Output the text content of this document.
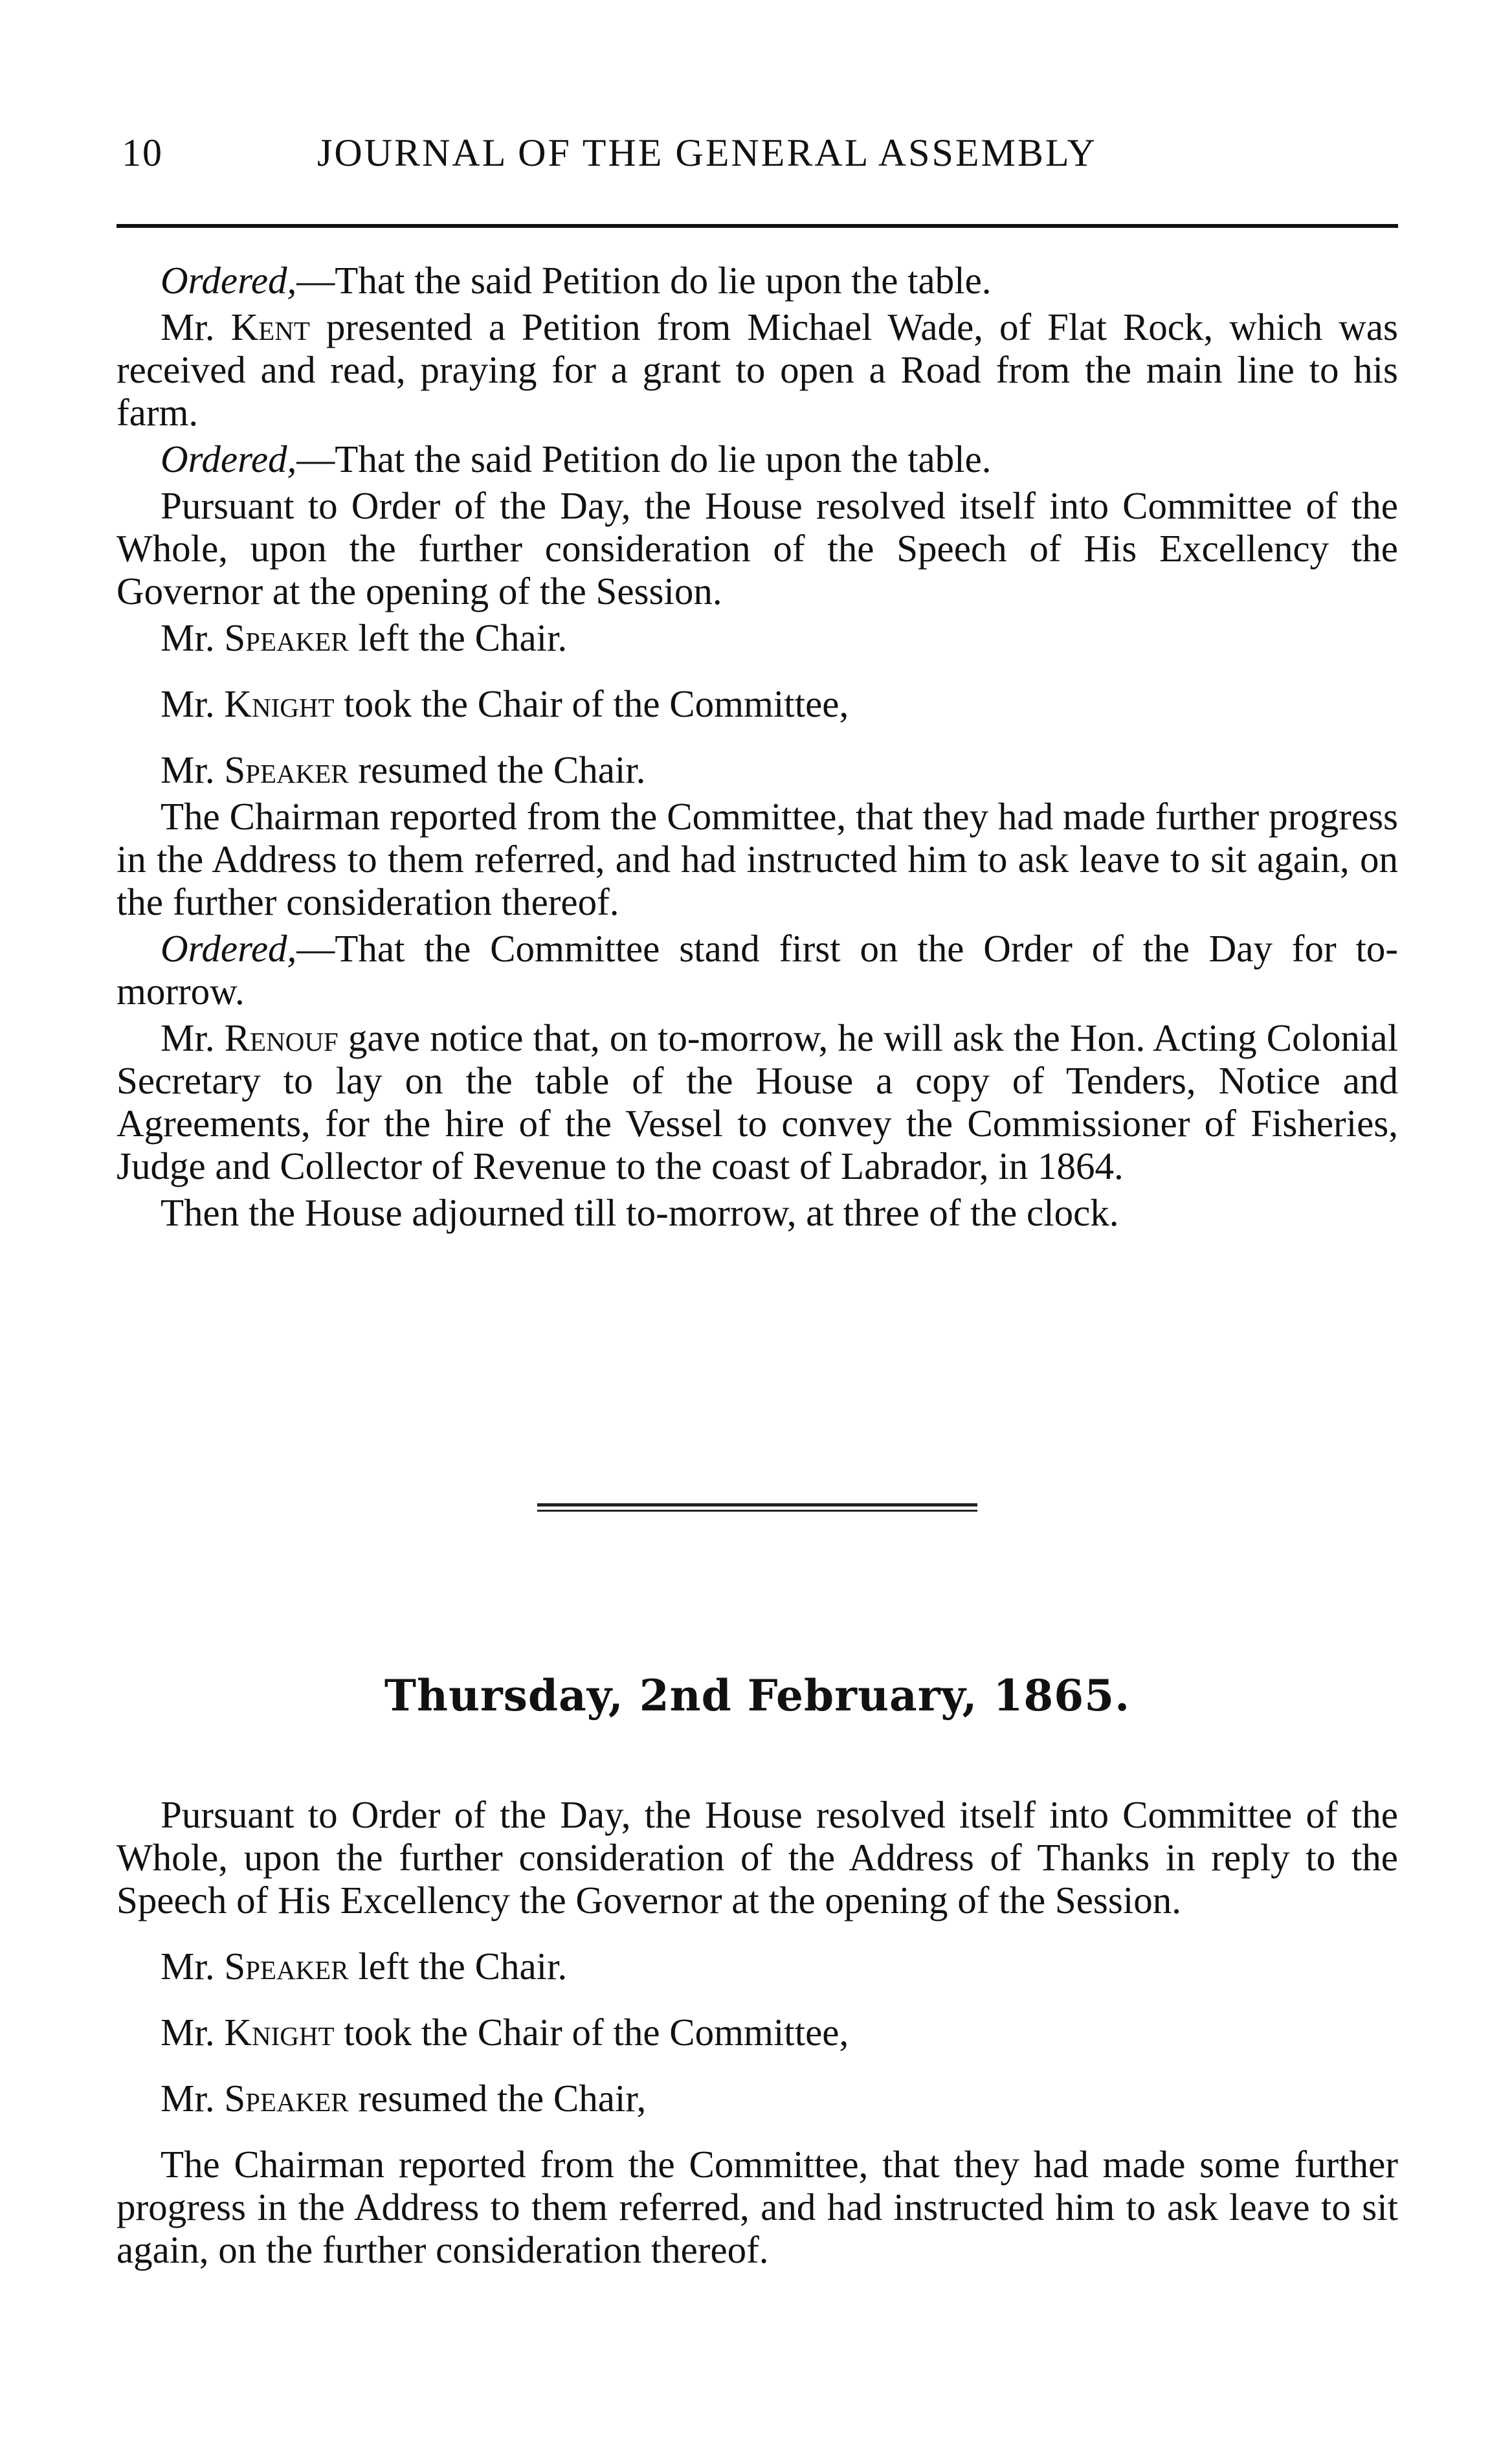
10	JOURNAL OF THE GENERAL ASSEMBLY

Ordered,—That the said Petition do lie upon the table.

Mr. Kent presented a Petition from Michael Wade, of Flat Rock, which was received and read, praying for a grant to open a Road from the main line to his farm.

Ordered,—That the said Petition do lie upon the table.

Pursuant to Order of the Day, the House resolved itself into Committee of the Whole, upon the further consideration of the Speech of His Excellency the Governor at the opening of the Session.

Mr. Speaker left the Chair.

Mr. Knight took the Chair of the Committee,

Mr. Speaker resumed the Chair.

The Chairman reported from the Committee, that they had made further progress in the Address to them referred, and had instructed him to ask leave to sit again, on the further consideration thereof.

Ordered,—That the Committee stand first on the Order of the Day for to-morrow.

Mr. Renouf gave notice that, on to-morrow, he will ask the Hon. Acting Colonial Secretary to lay on the table of the House a copy of Tenders, Notice and Agreements, for the hire of the Vessel to convey the Commissioner of Fisheries, Judge and Collector of Revenue to the coast of Labrador, in 1864.

Then the House adjourned till to-morrow, at three of the clock.

Thursday, 2nd February, 1865.

Pursuant to Order of the Day, the House resolved itself into Committee of the Whole, upon the further consideration of the Address of Thanks in reply to the Speech of His Excellency the Governor at the opening of the Session.

Mr. Speaker left the Chair.

Mr. Knight took the Chair of the Committee,

Mr. Speaker resumed the Chair,

The Chairman reported from the Committee, that they had made some further progress in the Address to them referred, and had instructed him to ask leave to sit again, on the further consideration thereof.
